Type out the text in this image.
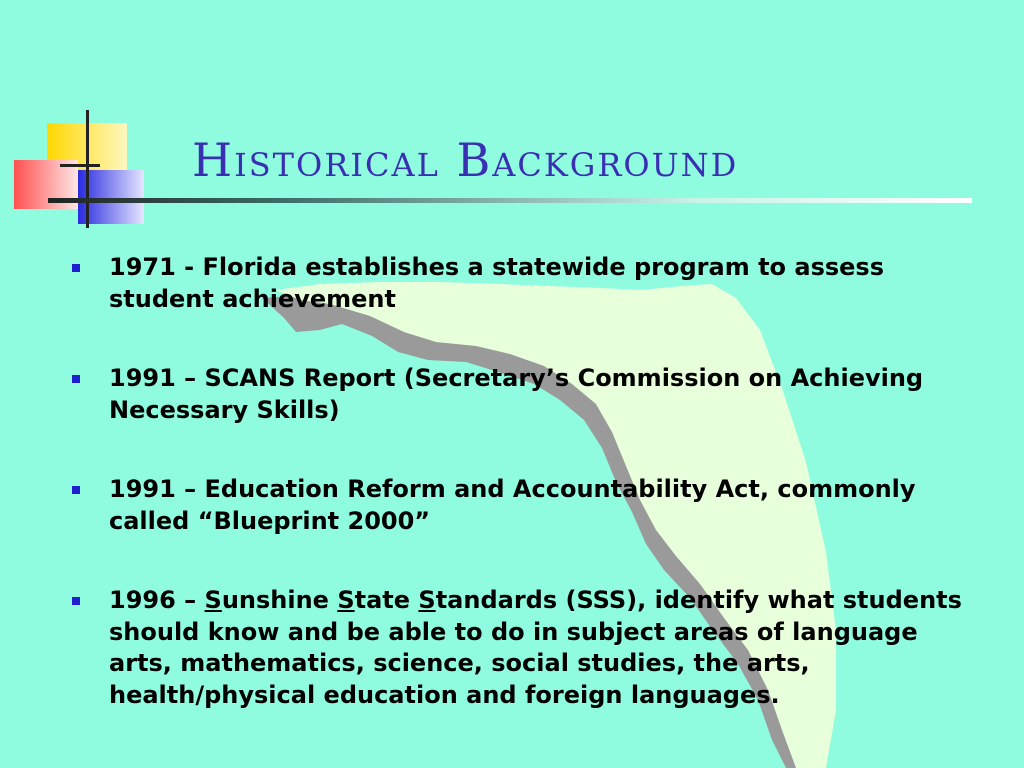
Historical Background
1971 - Florida establishes a statewide program to assess student achievement
1991 – SCANS Report (Secretary’s Commission on Achieving Necessary Skills)
1991 – Education Reform and Accountability Act, commonly called “Blueprint 2000”
1996 – Sunshine State Standards (SSS), identify what students should know and be able to do in subject areas of language arts, mathematics, science, social studies, the arts, health/physical education and foreign languages.
